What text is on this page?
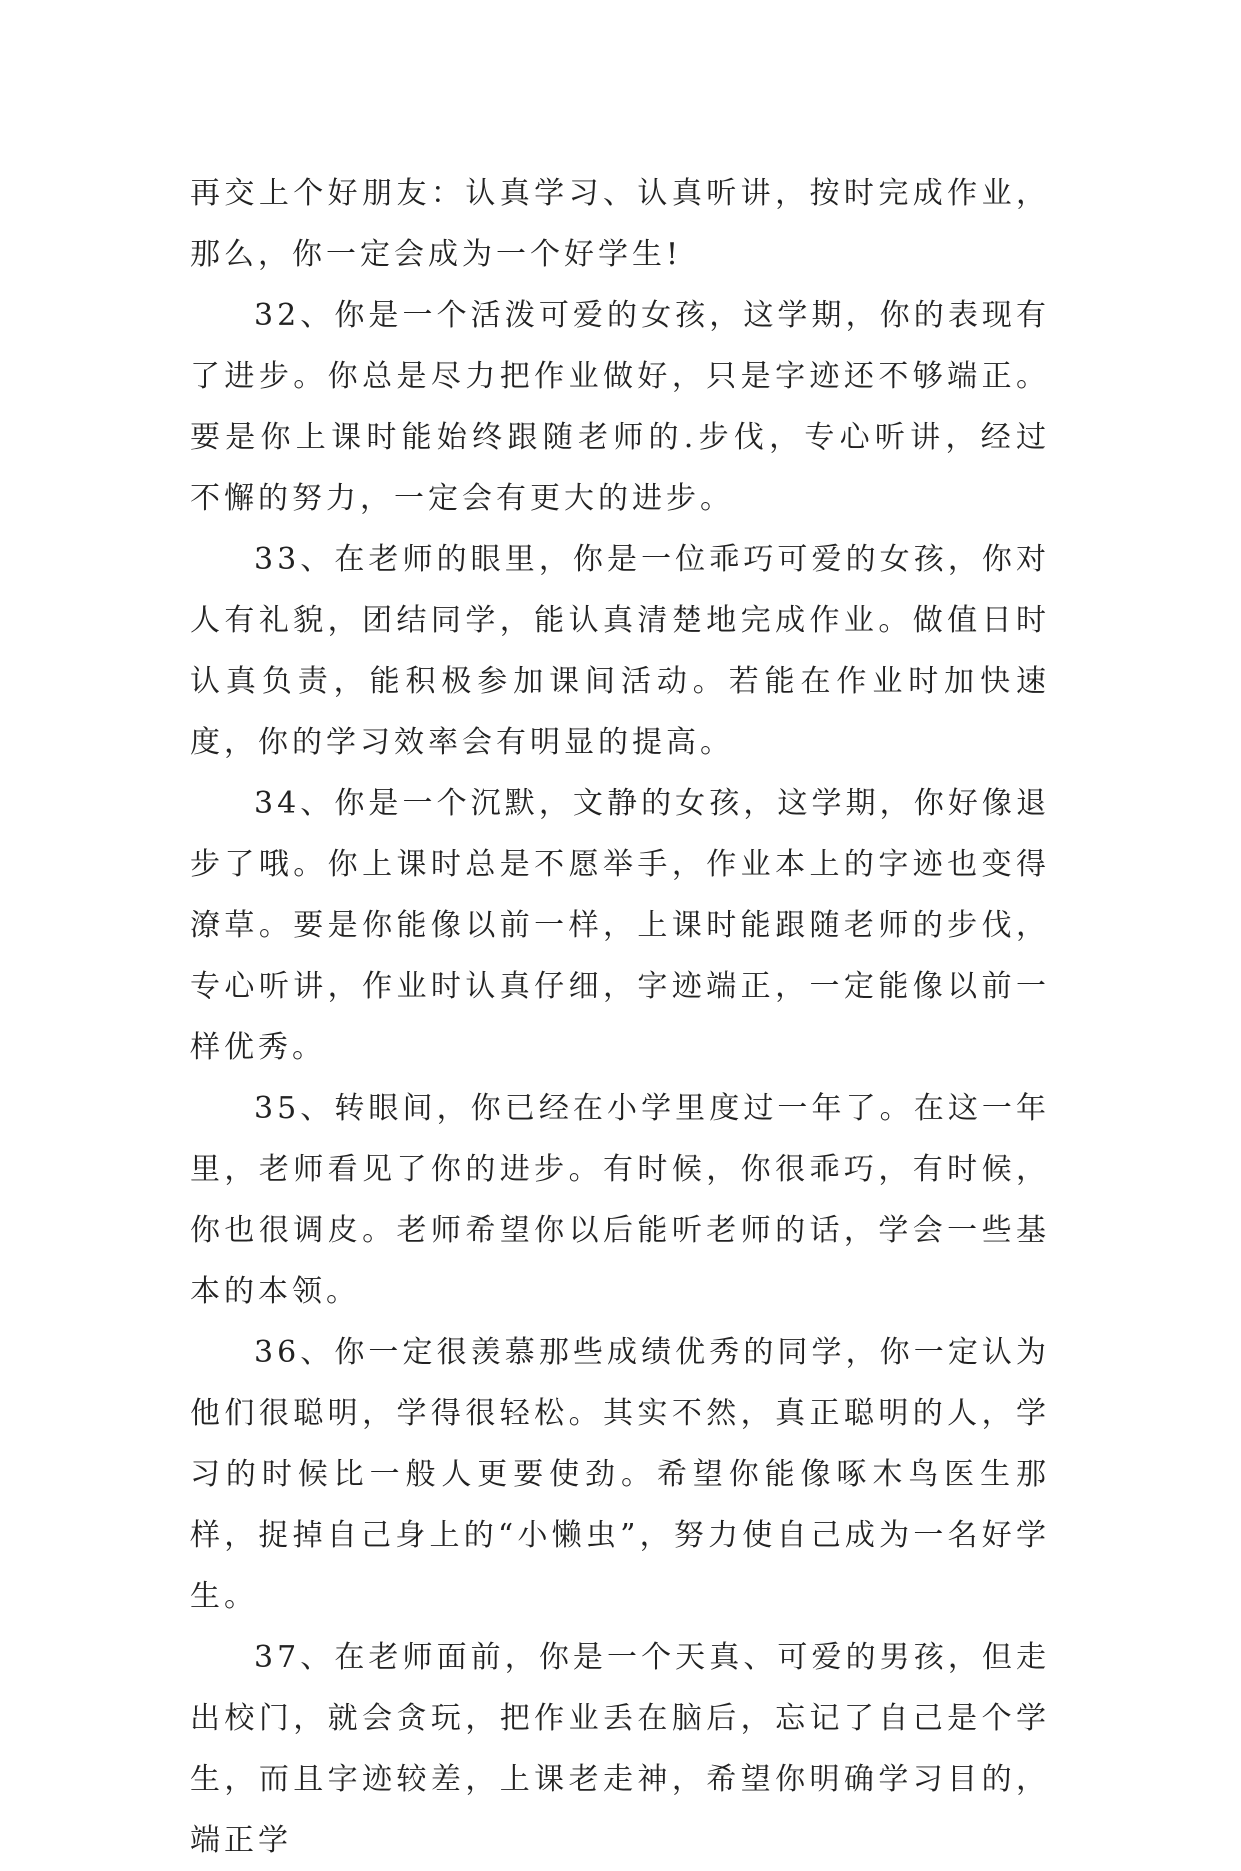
再交上个好朋友：认真学习、认真听讲，按时完成作业，那么，你一定会成为一个好学生!

32、你是一个活泼可爱的女孩，这学期，你的表现有了进步。你总是尽力把作业做好，只是字迹还不够端正。要是你上课时能始终跟随老师的.步伐，专心听讲，经过不懈的努力，一定会有更大的进步。

33、在老师的眼里，你是一位乖巧可爱的女孩，你对人有礼貌，团结同学，能认真清楚地完成作业。做值日时认真负责，能积极参加课间活动。若能在作业时加快速度，你的学习效率会有明显的提高。

34、你是一个沉默，文静的女孩，这学期，你好像退步了哦。你上课时总是不愿举手，作业本上的字迹也变得潦草。要是你能像以前一样，上课时能跟随老师的步伐，专心听讲，作业时认真仔细，字迹端正，一定能像以前一样优秀。

35、转眼间，你已经在小学里度过一年了。在这一年里，老师看见了你的进步。有时候，你很乖巧，有时候，你也很调皮。老师希望你以后能听老师的话，学会一些基本的本领。

36、你一定很羡慕那些成绩优秀的同学，你一定认为他们很聪明，学得很轻松。其实不然，真正聪明的人，学习的时候比一般人更要使劲。希望你能像啄木鸟医生那样，捉掉自己身上的“小懒虫”，努力使自己成为一名好学生。

37、在老师面前，你是一个天真、可爱的男孩，但走出校门，就会贪玩，把作业丢在脑后，忘记了自己是个学生，而且字迹较差，上课老走神，希望你明确学习目的，端正学
